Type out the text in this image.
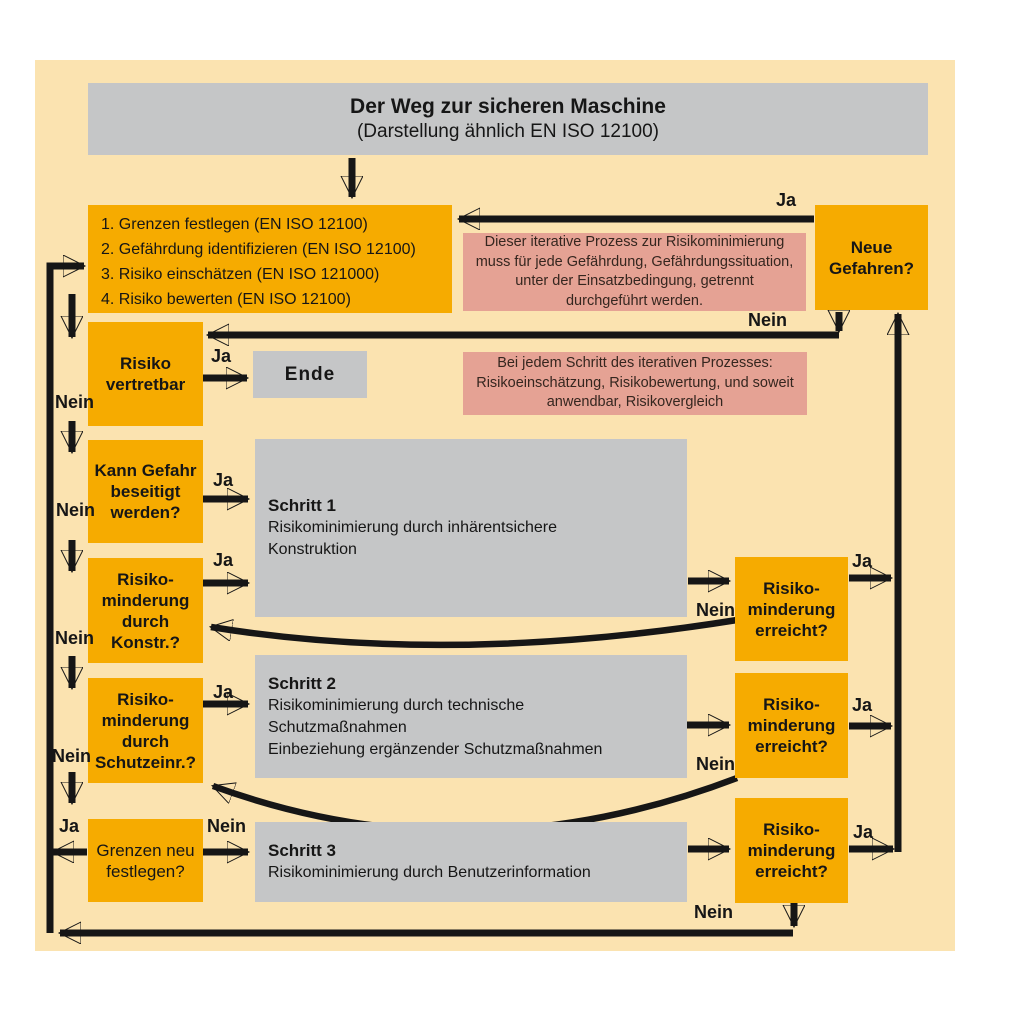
Der Weg zur sicheren Maschine
(Darstellung ähnlich EN ISO 12100)
1. Grenzen festlegen (EN ISO 12100)
2. Gefährdung identifizieren (EN ISO 12100)
3. Risiko einschätzen (EN ISO 121000)
4. Risiko bewerten (EN ISO 12100)
Dieser iterative Prozess zur Risikominimierung
muss für jede Gefährdung, Gefährdungssituation,
unter der Einsatzbedingung, getrennt
durchgeführt werden.
Bei jedem Schritt des iterativen Prozesses:
Risikoeinschätzung, Risikobewertung, und soweit
anwendbar, Risikovergleich
Neue Gefahren?
Risiko vertretbar
Kann Gefahr beseitigt werden?
Risiko-minderung durch Konstr.?
Risiko-minderung durch Schutzeinr.?
Grenzen neu festlegen?
Risiko-minderung erreicht?
Risiko-minderung erreicht?
Risiko-minderung erreicht?
Ende
Schritt 1
Risikominimierung durch inhärentsichere
Konstruktion
Schritt 2
Risikominimierung durch technische
Schutzmaßnahmen
Einbeziehung ergänzender Schutzmaßnahmen
Schritt 3
Risikominimierung durch Benutzerinformation
Ja
Nein
Ja
Nein
Ja
Nein
Ja
Nein
Ja
Nein
Ja	Nein
Ja
Nein
Ja
Nein
Ja
Nein
